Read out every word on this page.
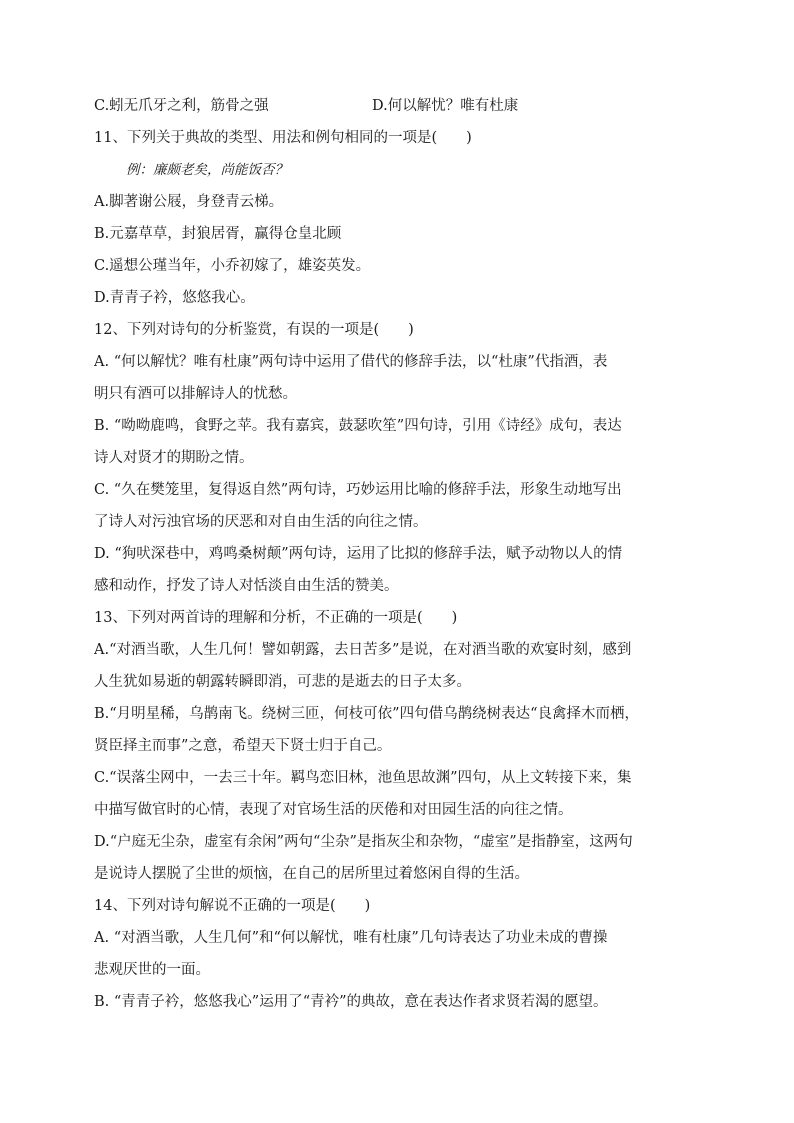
C.蚓无爪牙之利，筋骨之强	D.何以解忧？唯有杜康
11、下列关于典故的类型、用法和例句相同的一项是(　　)
例：廉颇老矣，尚能饭否？
A.脚著谢公屐，身登青云梯。
B.元嘉草草，封狼居胥，赢得仓皇北顾
C.遥想公瑾当年，小乔初嫁了，雄姿英发。
D.青青子衿，悠悠我心。
12、下列对诗句的分析鉴赏，有误的一项是(　　)
A. “何以解忧？唯有杜康”两句诗中运用了借代的修辞手法，以“杜康”代指酒，表
明只有酒可以排解诗人的忧愁。
B. “呦呦鹿鸣，食野之苹。我有嘉宾，鼓瑟吹笙”四句诗，引用《诗经》成句，表达
诗人对贤才的期盼之情。
C. “久在樊笼里，复得返自然”两句诗，巧妙运用比喻的修辞手法，形象生动地写出
了诗人对污浊官场的厌恶和对自由生活的向往之情。
D. “狗吠深巷中，鸡鸣桑树颠”两句诗，运用了比拟的修辞手法，赋予动物以人的情
感和动作，抒发了诗人对恬淡自由生活的赞美。
13、下列对两首诗的理解和分析，不正确的一项是(　　)
A.“对酒当歌，人生几何！譬如朝露，去日苦多”是说，在对酒当歌的欢宴时刻，感到
人生犹如易逝的朝露转瞬即消，可悲的是逝去的日子太多。
B.“月明星稀，乌鹊南飞。绕树三匝，何枝可依”四句借乌鹊绕树表达“良禽择木而栖，
贤臣择主而事”之意，希望天下贤士归于自己。
C.“误落尘网中，一去三十年。羁鸟恋旧林，池鱼思故渊”四句，从上文转接下来，集
中描写做官时的心情，表现了对官场生活的厌倦和对田园生活的向往之情。
D.“户庭无尘杂，虚室有余闲”两句“尘杂”是指灰尘和杂物，“虚室”是指静室，这两句
是说诗人摆脱了尘世的烦恼，在自己的居所里过着悠闲自得的生活。
14、下列对诗句解说不正确的一项是(　　)
A. “对酒当歌，人生几何”和“何以解忧，唯有杜康”几句诗表达了功业未成的曹操
悲观厌世的一面。
B. “青青子衿，悠悠我心”运用了“青衿”的典故，意在表达作者求贤若渴的愿望。
